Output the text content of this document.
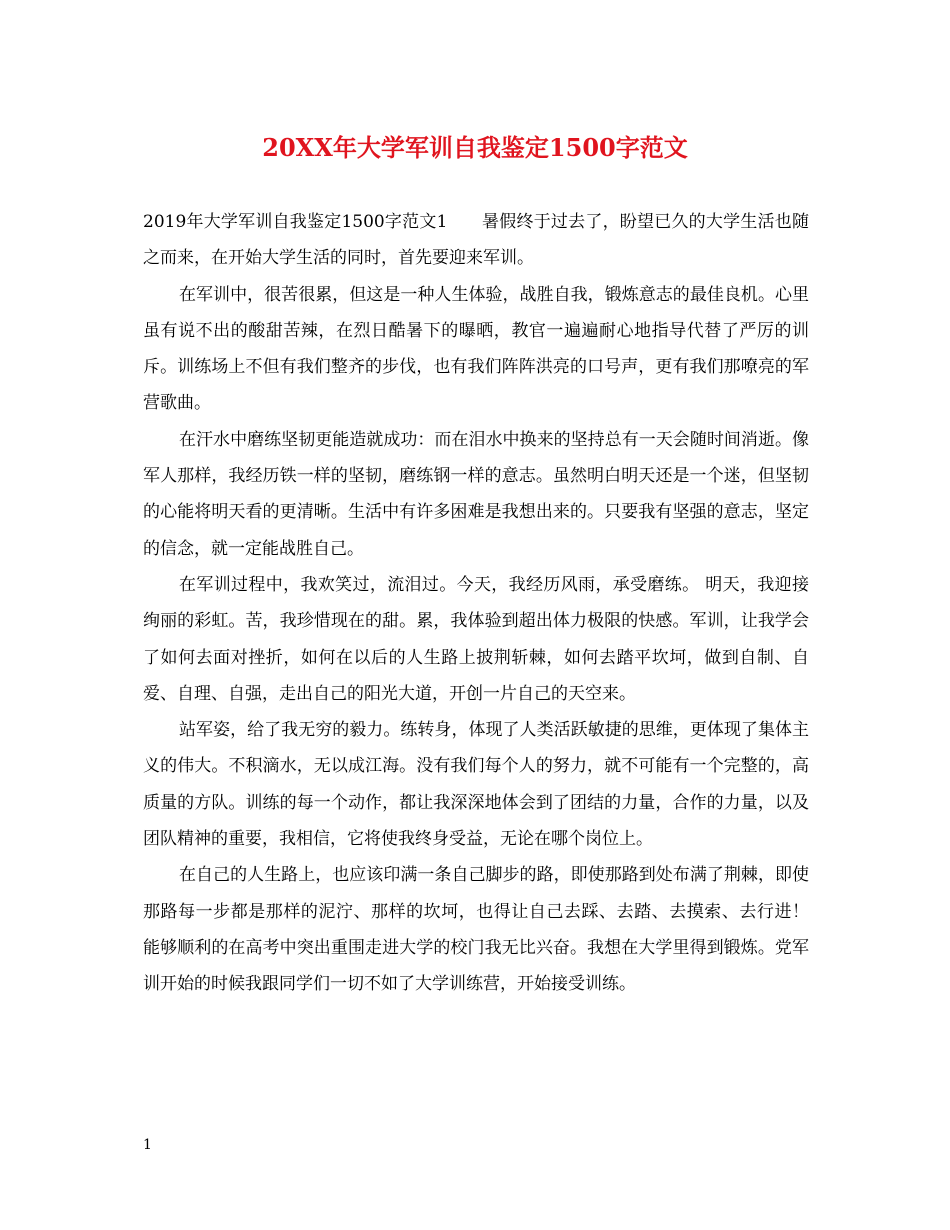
20XX年大学军训自我鉴定1500字范文

2019年大学军训自我鉴定1500字范文1　　暑假终于过去了，盼望已久的大学生活也随之而来，在开始大学生活的同时，首先要迎来军训。

在军训中，很苦很累，但这是一种人生体验，战胜自我，锻炼意志的最佳良机。心里虽有说不出的酸甜苦辣，在烈日酷暑下的曝晒，教官一遍遍耐心地指导代替了严厉的训斥。训练场上不但有我们整齐的步伐，也有我们阵阵洪亮的口号声，更有我们那嘹亮的军营歌曲。

在汗水中磨练坚韧更能造就成功：而在泪水中换来的坚持总有一天会随时间消逝。像军人那样，我经历铁一样的坚韧，磨练钢一样的意志。虽然明白明天还是一个迷，但坚韧的心能将明天看的更清晰。生活中有许多困难是我想出来的。只要我有坚强的意志，坚定的信念，就一定能战胜自己。

在军训过程中，我欢笑过，流泪过。今天，我经历风雨，承受磨练。 明天，我迎接绚丽的彩虹。苦，我珍惜现在的甜。累，我体验到超出体力极限的快感。军训，让我学会了如何去面对挫折，如何在以后的人生路上披荆斩棘，如何去踏平坎坷，做到自制、自爱、自理、自强，走出自己的阳光大道，开创一片自己的天空来。

站军姿，给了我无穷的毅力。练转身，体现了人类活跃敏捷的思维，更体现了集体主义的伟大。不积滴水，无以成江海。没有我们每个人的努力，就不可能有一个完整的，高质量的方队。训练的每一个动作，都让我深深地体会到了团结的力量，合作的力量，以及团队精神的重要，我相信，它将使我终身受益，无论在哪个岗位上。

在自己的人生路上，也应该印满一条自己脚步的路，即使那路到处布满了荆棘，即使那路每一步都是那样的泥泞、那样的坎坷，也得让自己去踩、去踏、去摸索、去行进！　　能够顺利的在高考中突出重围走进大学的校门我无比兴奋。我想在大学里得到锻炼。党军训开始的时候我跟同学们一切不如了大学训练营，开始接受训练。

1
